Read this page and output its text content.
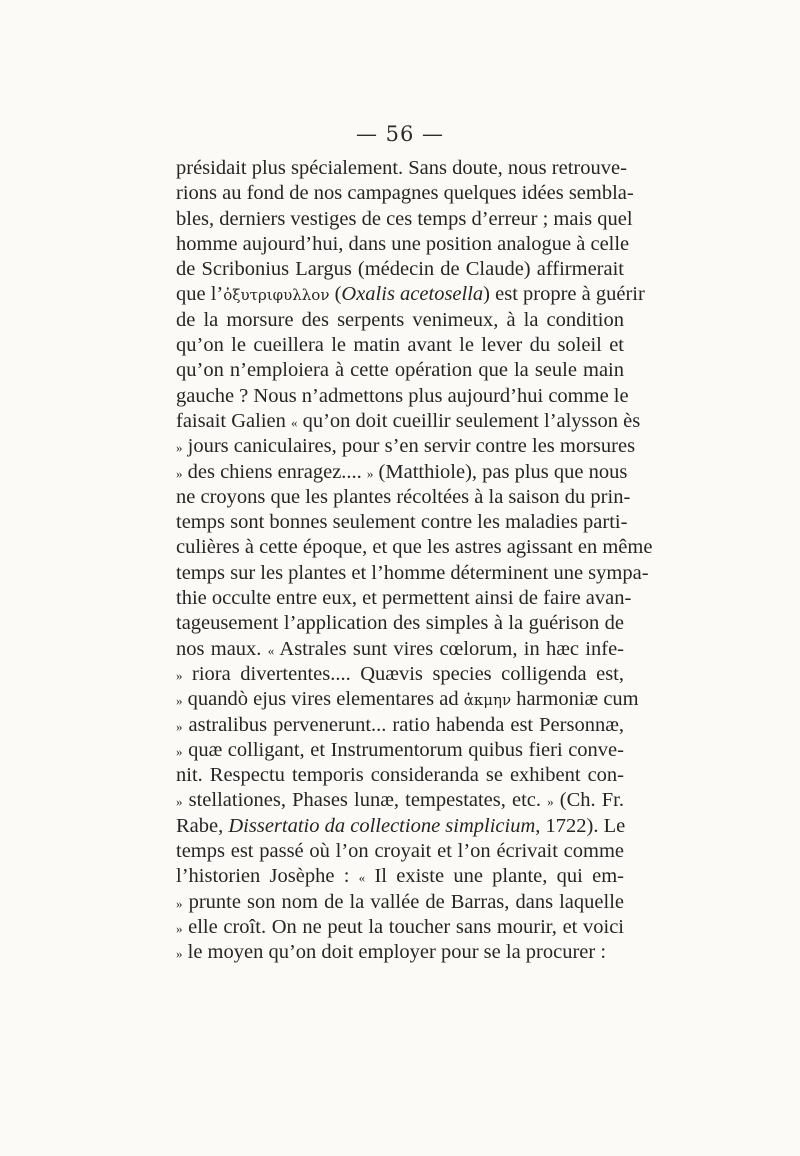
— 56 —
présidait plus spécialement. Sans doute, nous retrouve-
rions au fond de nos campagnes quelques idées sembla-
bles, derniers vestiges de ces temps d’erreur ; mais quel
homme aujourd’hui, dans une position analogue à celle
de Scribonius Largus (médecin de Claude) affirmerait
que l’ὀξυτριφυλλον (Oxalis acetosella) est propre à guérir
de la morsure des serpents venimeux, à la condition
qu’on le cueillera le matin avant le lever du soleil et
qu’on n’emploiera à cette opération que la seule main
gauche ? Nous n’admettons plus aujourd’hui comme le
faisait Galien « qu’on doit cueillir seulement l’alysson ès
» jours caniculaires, pour s’en servir contre les morsures
» des chiens enragez.... » (Matthiole), pas plus que nous
ne croyons que les plantes récoltées à la saison du prin-
temps sont bonnes seulement contre les maladies parti-
culières à cette époque, et que les astres agissant en même
temps sur les plantes et l’homme déterminent une sympa-
thie occulte entre eux, et permettent ainsi de faire avan-
tageusement l’application des simples à la guérison de
nos maux. « Astrales sunt vires cœlorum, in hæc infe-
» riora divertentes.... Quævis species colligenda est,
» quandò ejus vires elementares ad ἀκμην harmoniæ cum
» astralibus pervenerunt... ratio habenda est Personnæ,
» quæ colligant, et Instrumentorum quibus fieri conve-
nit. Respectu temporis consideranda se exhibent con-
» stellationes, Phases lunæ, tempestates, etc. » (Ch. Fr.
Rabe, Dissertatio da collectione simplicium, 1722). Le
temps est passé où l’on croyait et l’on écrivait comme
l’historien Josèphe : « Il existe une plante, qui em-
» prunte son nom de la vallée de Barras, dans laquelle
» elle croît. On ne peut la toucher sans mourir, et voici
» le moyen qu’on doit employer pour se la procurer :
